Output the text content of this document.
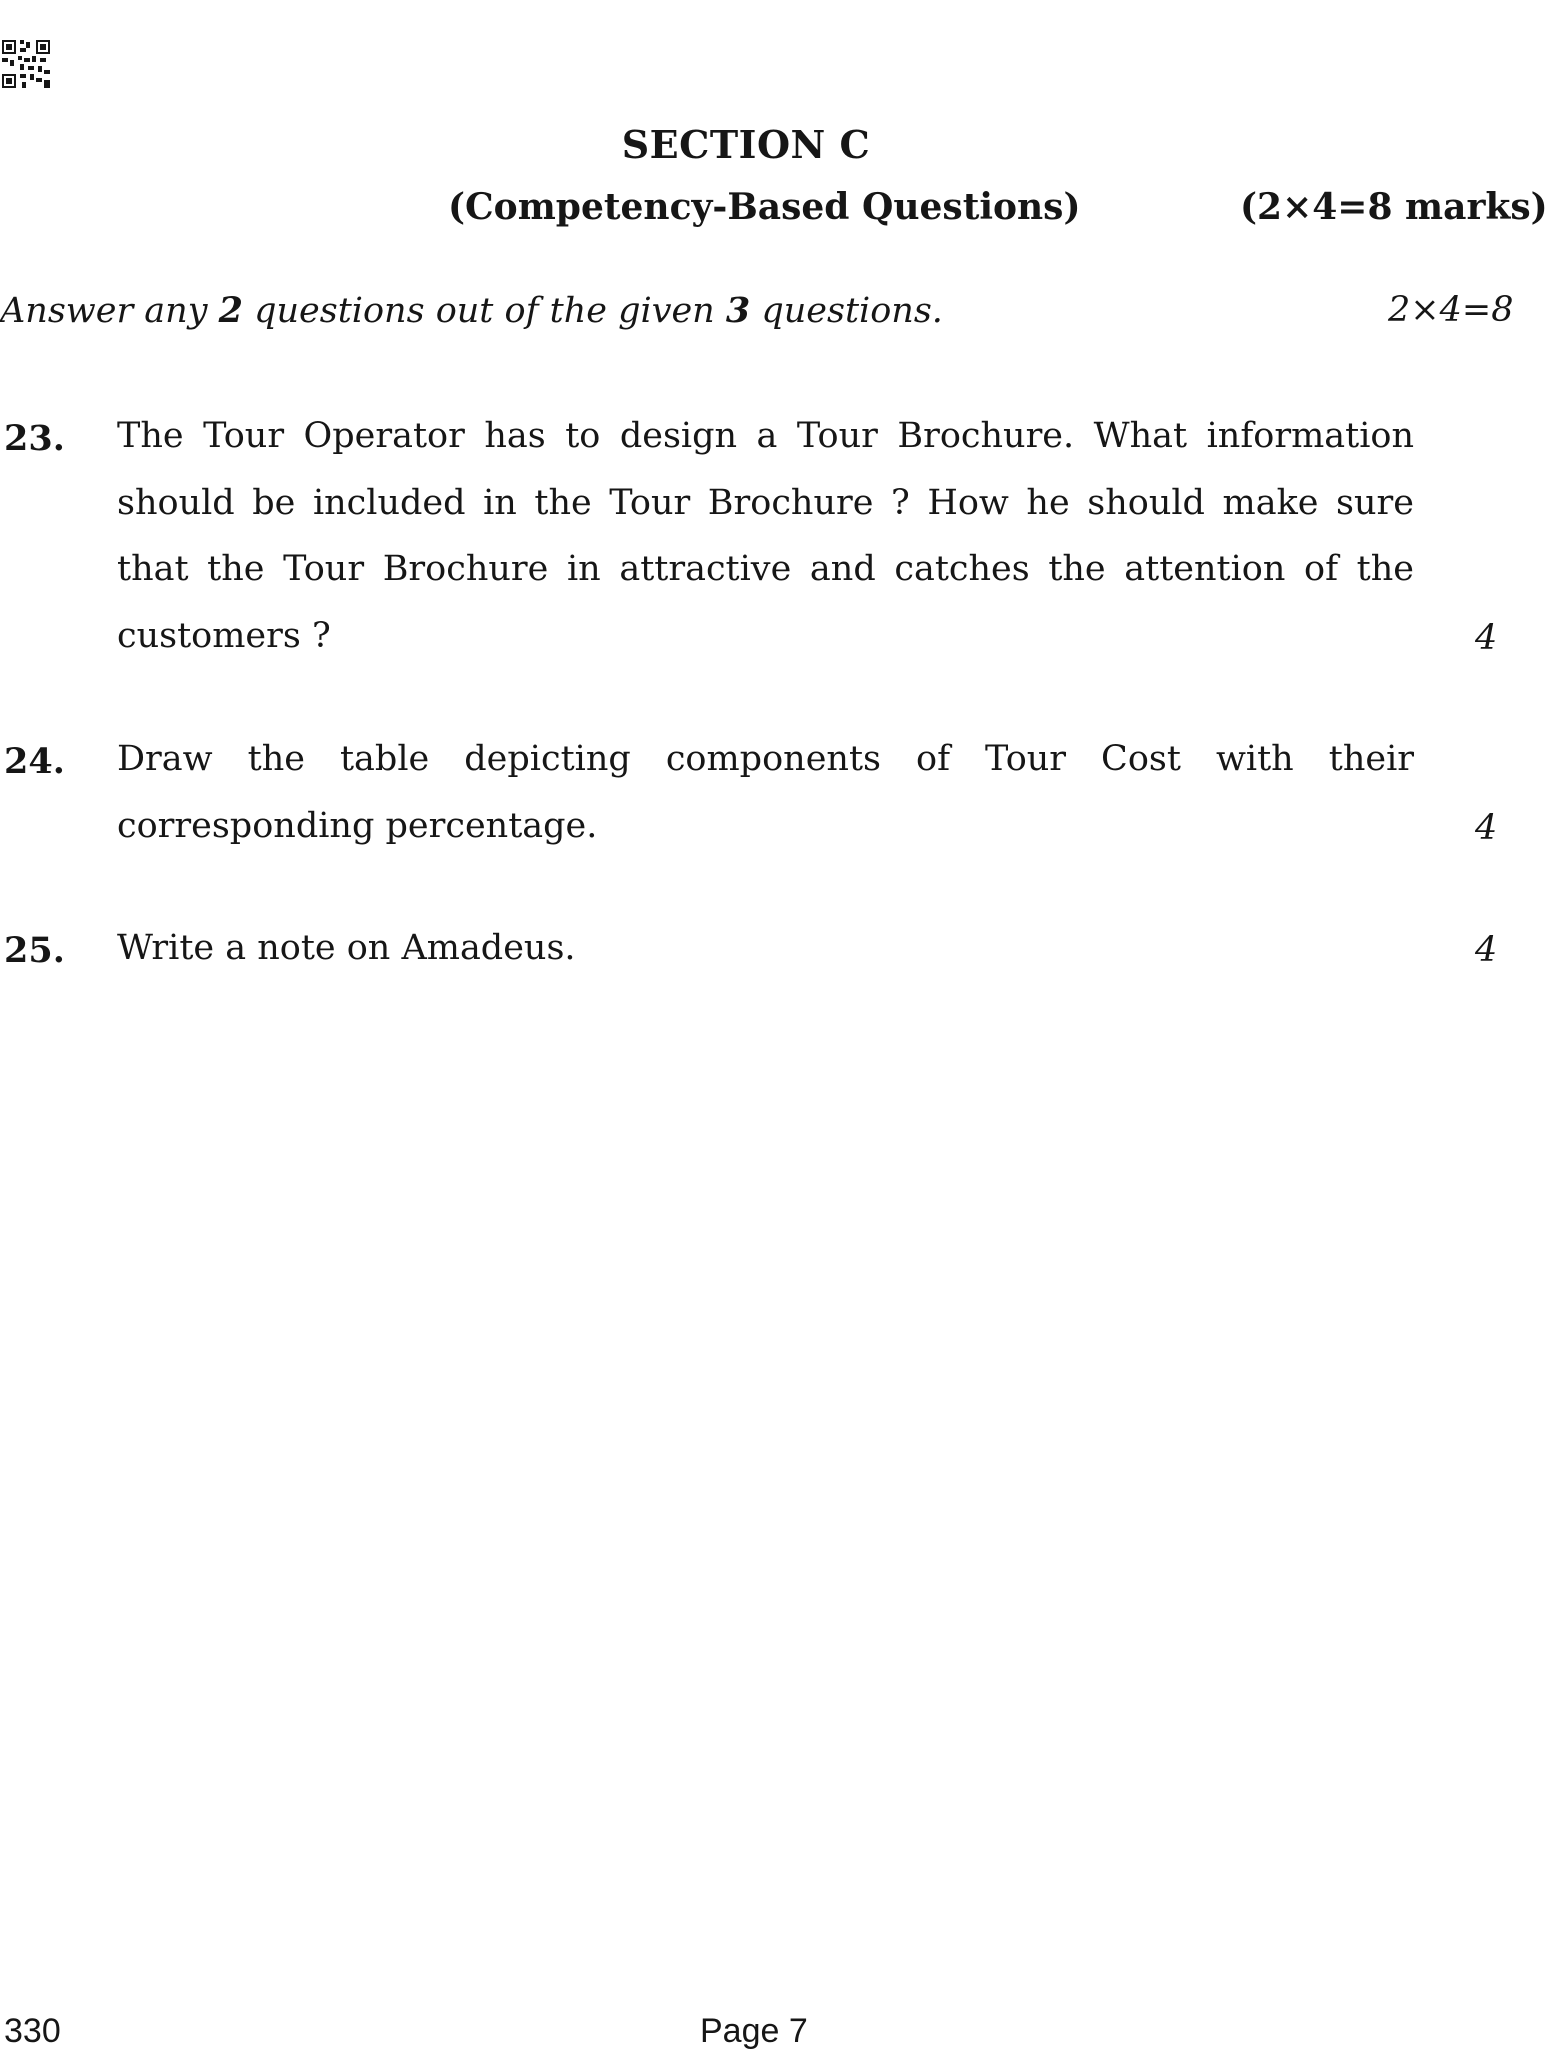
SECTION C
(Competency-Based Questions)	(2×4=8 marks)
Answer any 2 questions out of the given 3 questions.	2×4=8
23. The Tour Operator has to design a Tour Brochure. What information should be included in the Tour Brochure ? How he should make sure that the Tour Brochure in attractive and catches the attention of the customers ?	4
24. Draw the table depicting components of Tour Cost with their corresponding percentage.	4
25. Write a note on Amadeus.	4
330	Page 7
